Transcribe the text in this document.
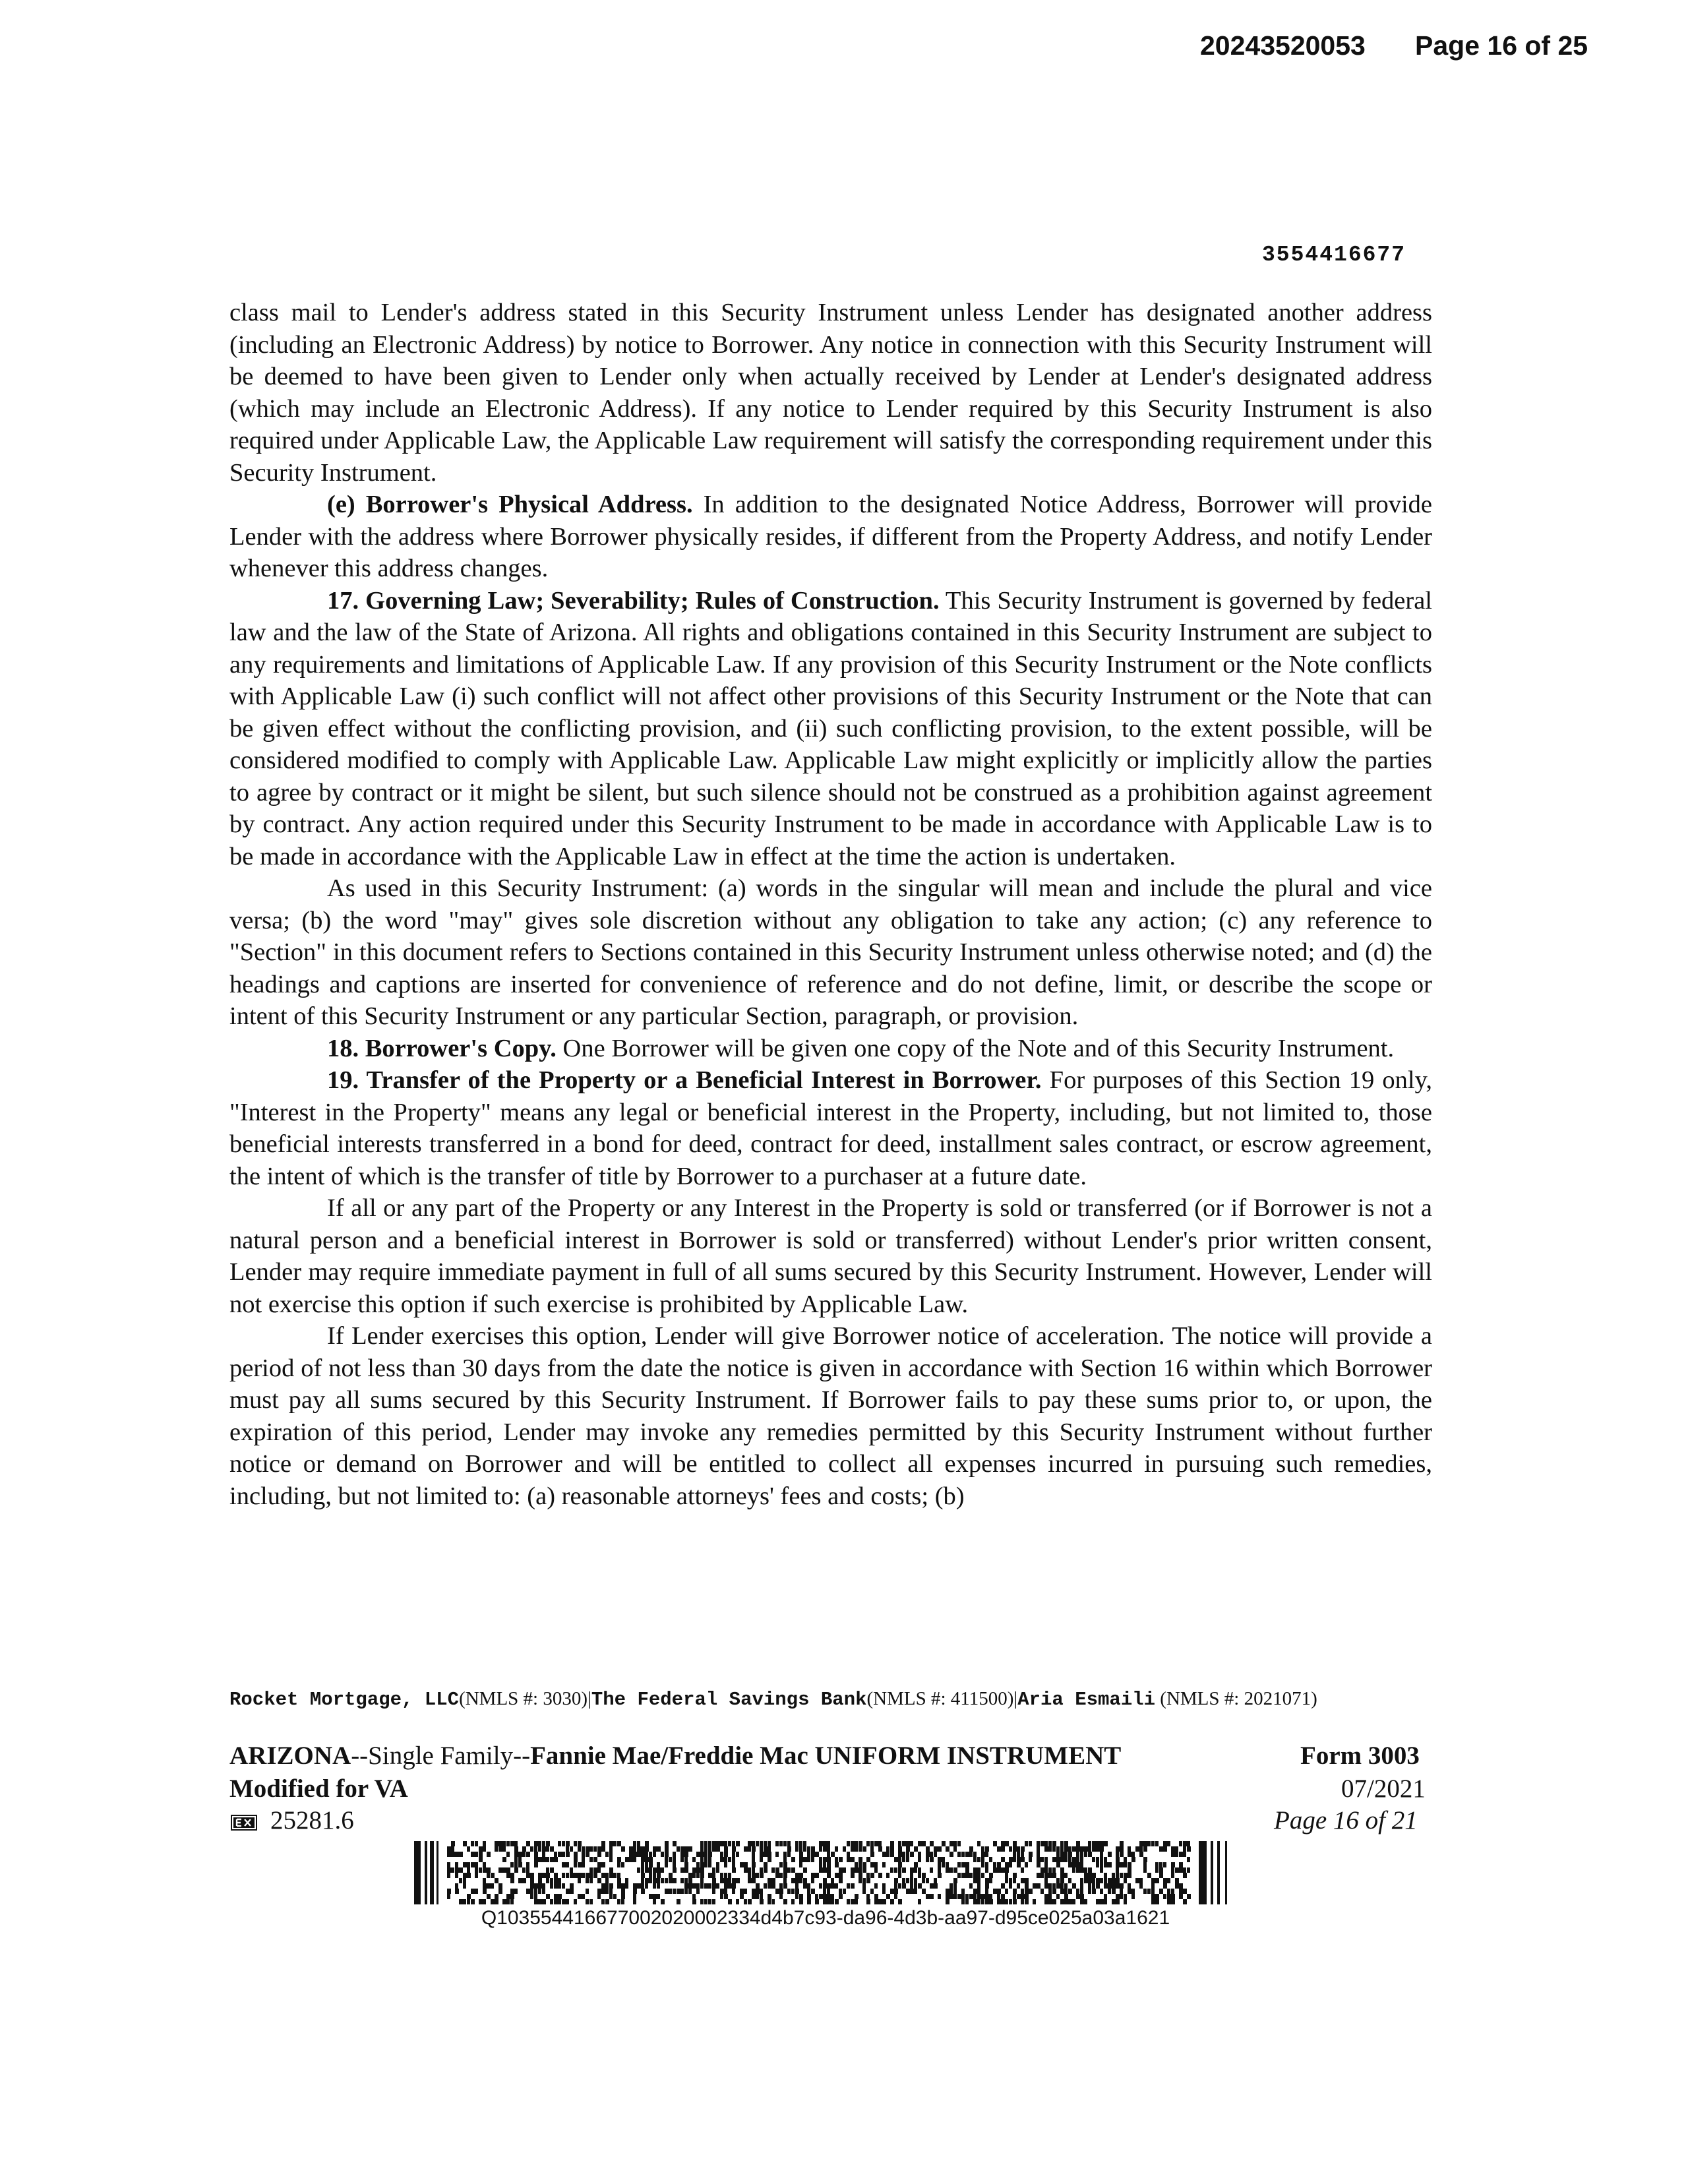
20243520053 Page 16 of 25
3554416677

class mail to Lender's address stated in this Security Instrument unless Lender has designated another address (including an Electronic Address) by notice to Borrower. Any notice in connection with this Security Instrument will be deemed to have been given to Lender only when actually received by Lender at Lender's designated address (which may include an Electronic Address). If any notice to Lender required by this Security Instrument is also required under Applicable Law, the Applicable Law requirement will satisfy the corresponding requirement under this Security Instrument.

(e) Borrower's Physical Address. In addition to the designated Notice Address, Borrower will provide Lender with the address where Borrower physically resides, if different from the Property Address, and notify Lender whenever this address changes.

17. Governing Law; Severability; Rules of Construction. This Security Instrument is governed by federal law and the law of the State of Arizona. All rights and obligations contained in this Security Instrument are subject to any requirements and limitations of Applicable Law. If any provision of this Security Instrument or the Note conflicts with Applicable Law (i) such conflict will not affect other provisions of this Security Instrument or the Note that can be given effect without the conflicting provision, and (ii) such conflicting provision, to the extent possible, will be considered modified to comply with Applicable Law. Applicable Law might explicitly or implicitly allow the parties to agree by contract or it might be silent, but such silence should not be construed as a prohibition against agreement by contract. Any action required under this Security Instrument to be made in accordance with Applicable Law is to be made in accordance with the Applicable Law in effect at the time the action is undertaken.

As used in this Security Instrument: (a) words in the singular will mean and include the plural and vice versa; (b) the word "may" gives sole discretion without any obligation to take any action; (c) any reference to "Section" in this document refers to Sections contained in this Security Instrument unless otherwise noted; and (d) the headings and captions are inserted for convenience of reference and do not define, limit, or describe the scope or intent of this Security Instrument or any particular Section, paragraph, or provision.

18. Borrower's Copy. One Borrower will be given one copy of the Note and of this Security Instrument.

19. Transfer of the Property or a Beneficial Interest in Borrower. For purposes of this Section 19 only, "Interest in the Property" means any legal or beneficial interest in the Property, including, but not limited to, those beneficial interests transferred in a bond for deed, contract for deed, installment sales contract, or escrow agreement, the intent of which is the transfer of title by Borrower to a purchaser at a future date.

If all or any part of the Property or any Interest in the Property is sold or transferred (or if Borrower is not a natural person and a beneficial interest in Borrower is sold or transferred) without Lender's prior written consent, Lender may require immediate payment in full of all sums secured by this Security Instrument. However, Lender will not exercise this option if such exercise is prohibited by Applicable Law.

If Lender exercises this option, Lender will give Borrower notice of acceleration. The notice will provide a period of not less than 30 days from the date the notice is given in accordance with Section 16 within which Borrower must pay all sums secured by this Security Instrument. If Borrower fails to pay these sums prior to, or upon, the expiration of this period, Lender may invoke any remedies permitted by this Security Instrument without further notice or demand on Borrower and will be entitled to collect all expenses incurred in pursuing such remedies, including, but not limited to: (a) reasonable attorneys' fees and costs; (b)

Rocket Mortgage, LLC(NMLS #: 3030)|The Federal Savings Bank(NMLS #: 411500)|Aria Esmaili (NMLS #: 2021071)
ARIZONA--Single Family--Fannie Mae/Freddie Mac UNIFORM INSTRUMENT
Modified for VA
25281.6
Form 3003
07/2021
Page 16 of 21
Q103554416677002020002334d4b7c93-da96-4d3b-aa97-d95ce025a03a1621
